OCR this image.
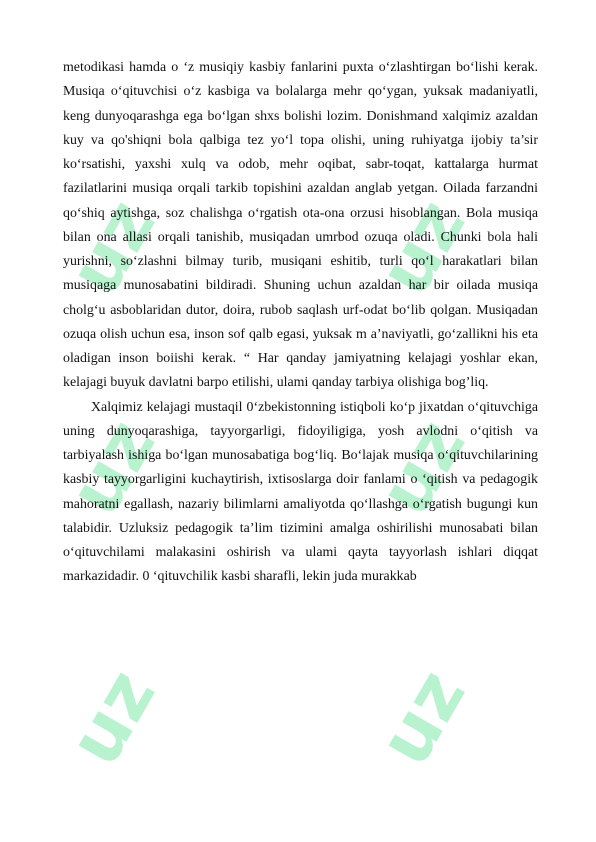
uz	uz
uz	uz
uz	uz

metodikasi hamda o ‘z musiqiy kasbiy fanlarini puxta o‘zlashtirgan bo‘lishi kerak. Musiqa o‘qituvchisi o‘z kasbiga va bolalarga mehr qo‘ygan, yuksak madaniyatli, keng dunyoqarashga ega bo‘lgan shxs bolishi lozim. Donishmand xalqimiz azaldan kuy va qo'shiqni bola qalbiga tez yo‘l topa olishi, uning ruhiyatga ijobiy ta’sir ko‘rsatishi, yaxshi xulq va odob, mehr oqibat, sabr-toqat, kattalarga hurmat fazilatlarini musiqa orqali tarkib topishini azaldan anglab yetgan. Oilada farzandni qo‘shiq aytishga, soz chalishga o‘rgatish ota-ona orzusi hisoblangan. Bola musiqa bilan ona allasi orqali tanishib, musiqadan umrbod ozuqa oladi. Chunki bola hali yurishni, so‘zlashni bilmay turib, musiqani eshitib, turli qo‘l harakatlari bilan musiqaga munosabatini bildiradi. Shuning uchun azaldan har bir oilada musiqa cholg‘u asboblaridan dutor, doira, rubob saqlash urf-odat bo‘lib qolgan. Musiqadan ozuqa olish uchun esa, inson sof qalb egasi, yuksak m a’naviyatli, go‘zallikni his eta oladigan inson boiishi kerak. “ Har qanday jamiyatning kelajagi yoshlar ekan, kelajagi buyuk davlatni barpo etilishi, ulami qanday tarbiya olishiga bog’liq.

Xalqimiz kelajagi mustaqil 0‘zbekistonning istiqboli ko‘p jixatdan o‘qituvchiga uning dunyoqarashiga, tayyorgarligi, fidoyiligiga, yosh avlodni o‘qitish va tarbiyalash ishiga bo‘lgan munosabatiga bog‘liq. Bo‘lajak musiqa o‘qituvchilarining kasbiy tayyorgarligini kuchaytirish, ixtisoslarga doir fanlami o ‘qitish va pedagogik mahoratni egallash, nazariy bilimlarni amaliyotda qo‘llashga o‘rgatish bugungi kun talabidir. Uzluksiz pedagogik ta’lim tizimini amalga oshirilishi munosabati bilan o‘qituvchilami malakasini oshirish va ulami qayta tayyorlash ishlari diqqat markazidadir. 0 ‘qituvchilik kasbi sharafli, lekin juda murakkab
